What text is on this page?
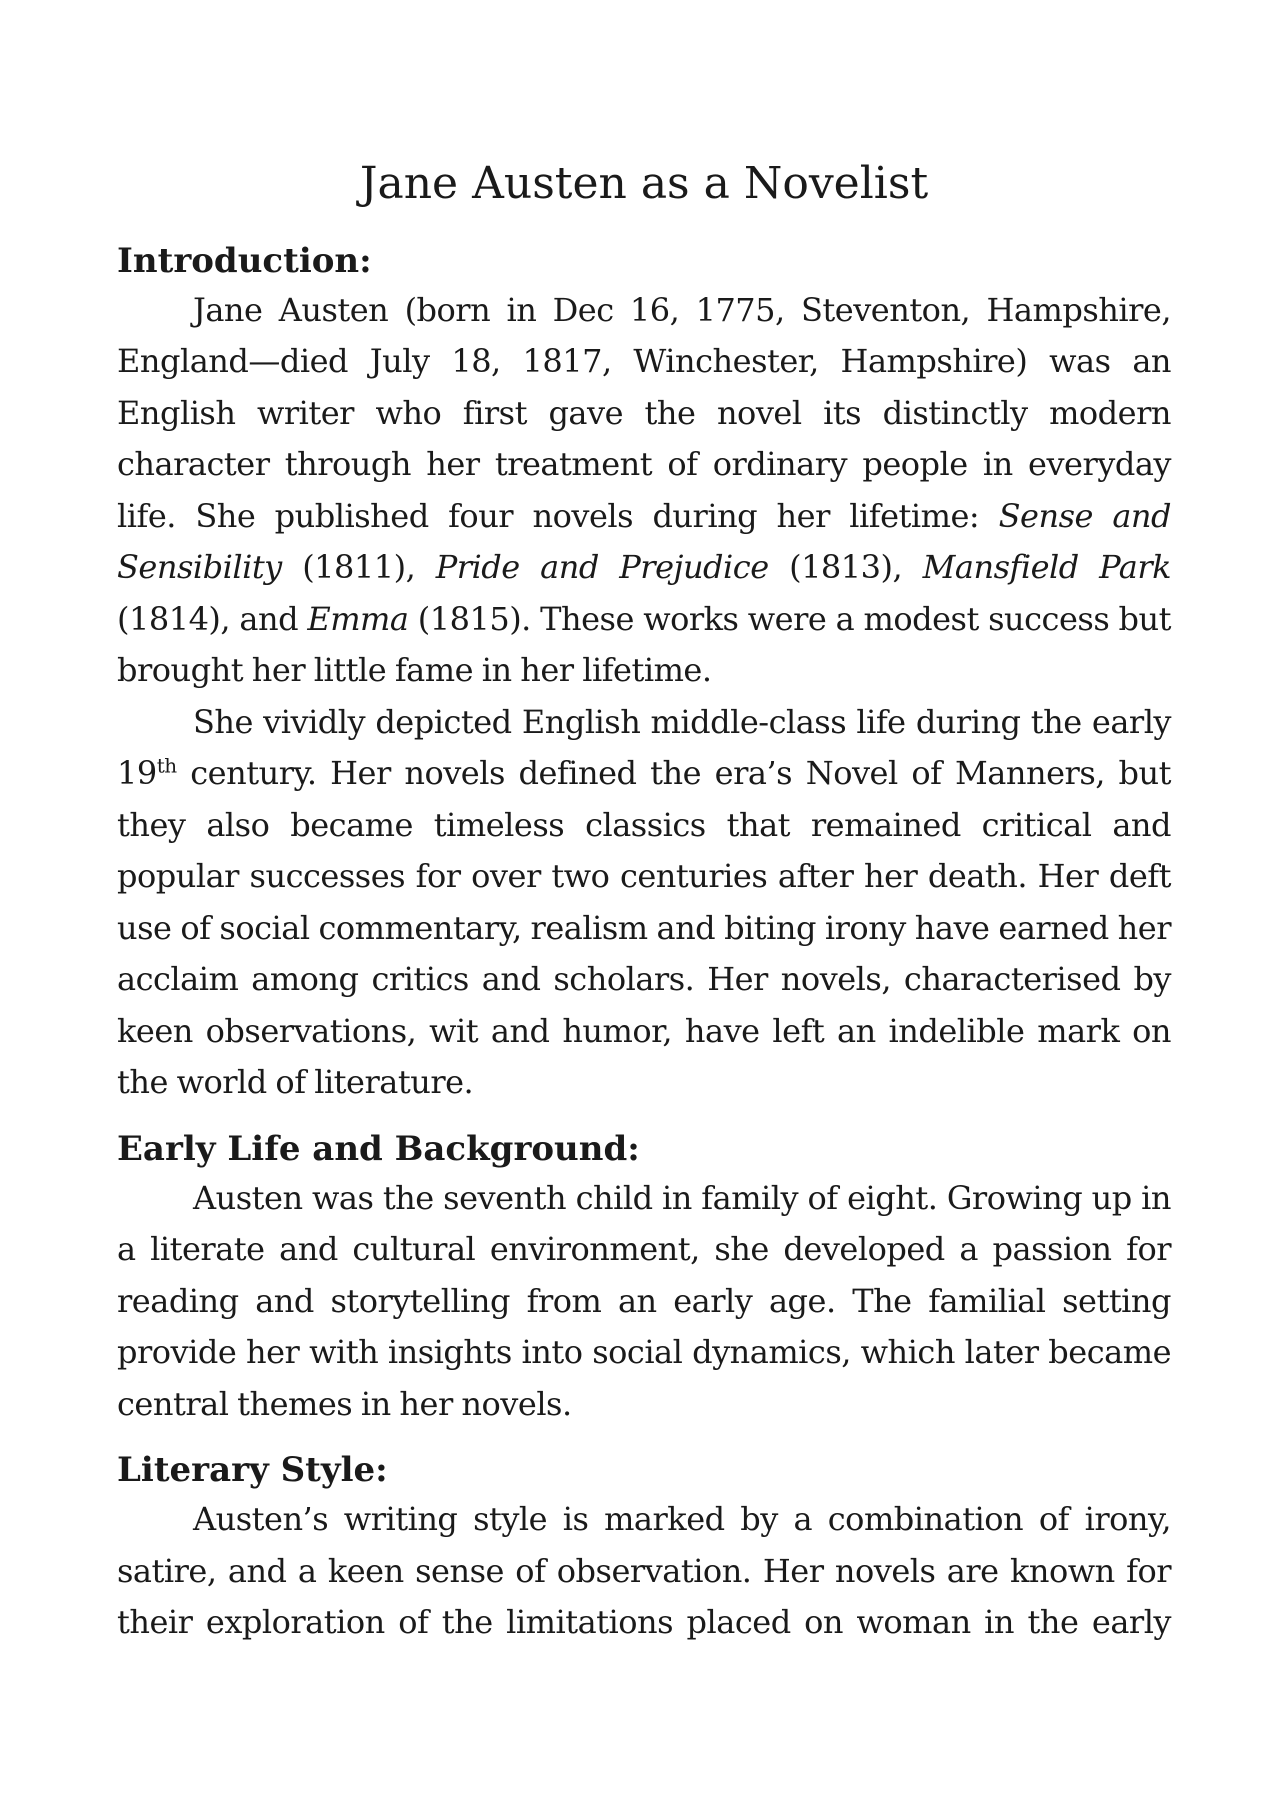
Jane Austen as a Novelist
Introduction:

Jane Austen (born in Dec 16, 1775, Steventon, Hampshire, England—died July 18, 1817, Winchester, Hampshire) was an English writer who first gave the novel its distinctly modern character through her treatment of ordinary people in everyday life. She published four novels during her lifetime: Sense and Sensibility (1811), Pride and Prejudice (1813), Mansfield Park (1814), and Emma (1815). These works were a modest success but brought her little fame in her lifetime.

She vividly depicted English middle-class life during the early 19th century. Her novels defined the era’s Novel of Manners, but they also became timeless classics that remained critical and popular successes for over two centuries after her death. Her deft use of social commentary, realism and biting irony have earned her acclaim among critics and scholars. Her novels, characterised by keen observations, wit and humor, have left an indelible mark on the world of literature.

Early Life and Background:

Austen was the seventh child in family of eight. Growing up in a literate and cultural environment, she developed a passion for reading and storytelling from an early age. The familial setting provide her with insights into social dynamics, which later became central themes in her novels.

Literary Style:

Austen’s writing style is marked by a combination of irony, satire, and a keen sense of observation. Her novels are known for their exploration of the limitations placed on woman in the early
